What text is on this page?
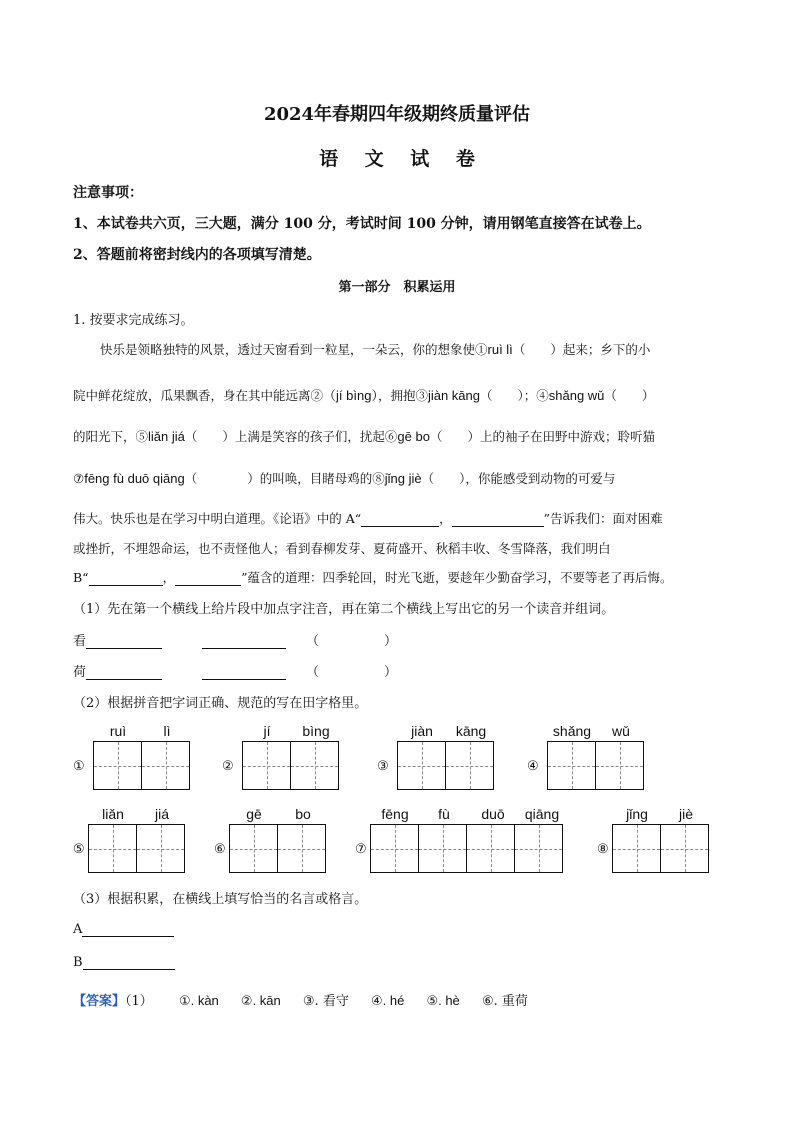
2024年春期四年级期终质量评估
语 文 试 卷
注意事项：
1、本试卷共六页，三大题，满分 100 分，考试时间 100 分钟，请用钢笔直接答在试卷上。
2、答题前将密封线内的各项填写清楚。
第一部分　积累运用
1. 按要求完成练习。
快乐是领略独特的风景，透过天窗看到一粒星，一朵云，你的想象使①ruì lì（　　）起来；乡下的小
院中鲜花绽放，瓜果飘香，身在其中能远离②（jí bìng），拥抱③jiàn kāng（　　）；④shǎng wǔ（　　）
的阳光下，⑤liǎn jiá（　　）上满是笑容的孩子们，扰起⑥gē bo（　　）上的袖子在田野中游戏；聆听猫
⑦fēng fù duō qiāng（　　　　）的叫唤，目睹母鸡的⑧jǐng jiè（　　），你能感受到动物的可爱与
伟大。快乐也是在学习中明白道理。《论语》中的 A“	，	”告诉我们：面对困难
或挫折，不埋怨命运，也不责怪他人；看到春柳发芽、夏荷盛开、秋稻丰收、冬雪降落，我们明白
B“	，	”蕴含的道理：四季轮回，时光飞逝，要趁年少勤奋学习，不要等老了再后悔。
（1）先在第一个横线上给片段中加点字注音，再在第二个横线上写出它的另一个读音并组词。
看	（　　　　　）
荷	（　　　　　）
（2）根据拼音把字词正确、规范的写在田字格里。
①
ruì	lì
②
jí	bìng
③
jiàn	kāng
④
shǎng	wǔ
⑤
liǎn	jiá
⑥
gē	bo
⑦
fēng	fù	duō	qiāng
⑧
jǐng	jiè
（3）根据积累，在横线上填写恰当的名言或格言。
A
B
【答案】（1） ①. kàn ②. kān ③. 看守 ④. hé ⑤. hè ⑥. 重荷
